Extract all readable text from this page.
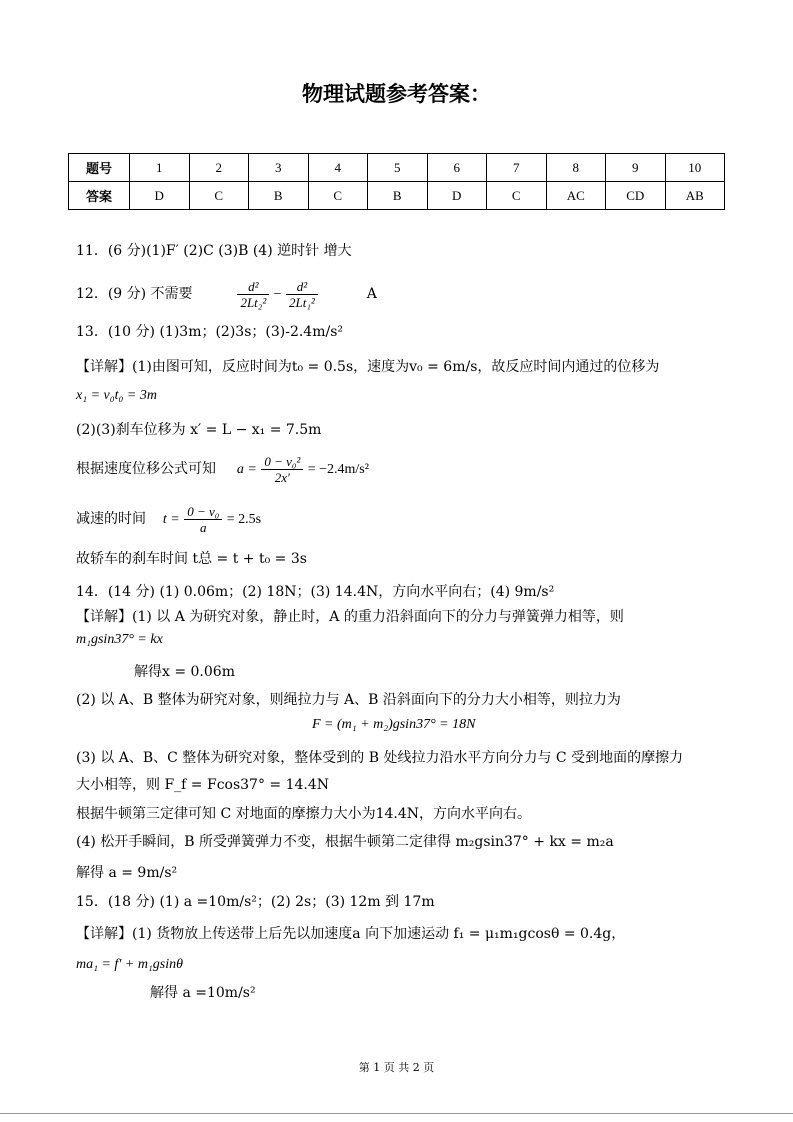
物理试题参考答案：
题号	1	2	3	4	5	6	7	8	9	10
答案	D	C	B	C	B	D	C	AC	CD	AB
11．(6 分)(1)F′ (2)C (3)B (4) 逆时针 增大
12．(9 分) 不需要	$\frac{\text{d²}}{\text{2Lt₂²}} - \frac{\text{d²}}{\text{2Lt₁²}}$	A
13．(10 分) (1)3m；(2)3s；(3)-2.4m/s²
【详解】(1)由图可知，反应时间为t₀ = 0.5s，速度为v₀ = 6m/s，故反应时间内通过的位移为
x₁ = v₀t₀ = 3m
(2)(3)刹车位移为 x′ = L − x₁ = 7.5m
根据速度位移公式可知 $a = \frac{\text{0 − v₀²}}{2x'} = -2.4m/s^2$
减速的时间 $t = \frac{\text{0 − v₀}}{a} = 2.5s$
故轿车的刹车时间 t总 = t + t₀ = 3s
14．(14 分) (1) 0.06m；(2) 18N；(3) 14.4N，方向水平向右；(4) 9m/s²
【详解】(1) 以 A 为研究对象，静止时，A 的重力沿斜面向下的分力与弹簧弹力相等，则
m₁gsin37° = kx
解得x = 0.06m
(2) 以 A、B 整体为研究对象，则绳拉力与 A、B 沿斜面向下的分力大小相等，则拉力为
F = (m₁ + m₂)gsin37° = 18N
(3) 以 A、B、C 整体为研究对象，整体受到的 B 处线拉力沿水平方向分力与 C 受到地面的摩擦力
大小相等，则 F_f = Fcos37° = 14.4N
根据牛顿第三定律可知 C 对地面的摩擦力大小为14.4N，方向水平向右。
(4) 松开手瞬间，B 所受弹簧弹力不变，根据牛顿第二定律得 m₂gsin37° + kx = m₂a
解得 a = 9m/s²
15．(18 分) (1) a =10m/s²；(2) 2s；(3) 12m 到 17m
【详解】(1) 货物放上传送带上后先以加速度a 向下加速运动 f₁ = μ₁m₁gcosθ = 0.4g，
ma₁ = f′ + m₁gsinθ
解得 a =10m/s²
第 1 页 共 2 页
